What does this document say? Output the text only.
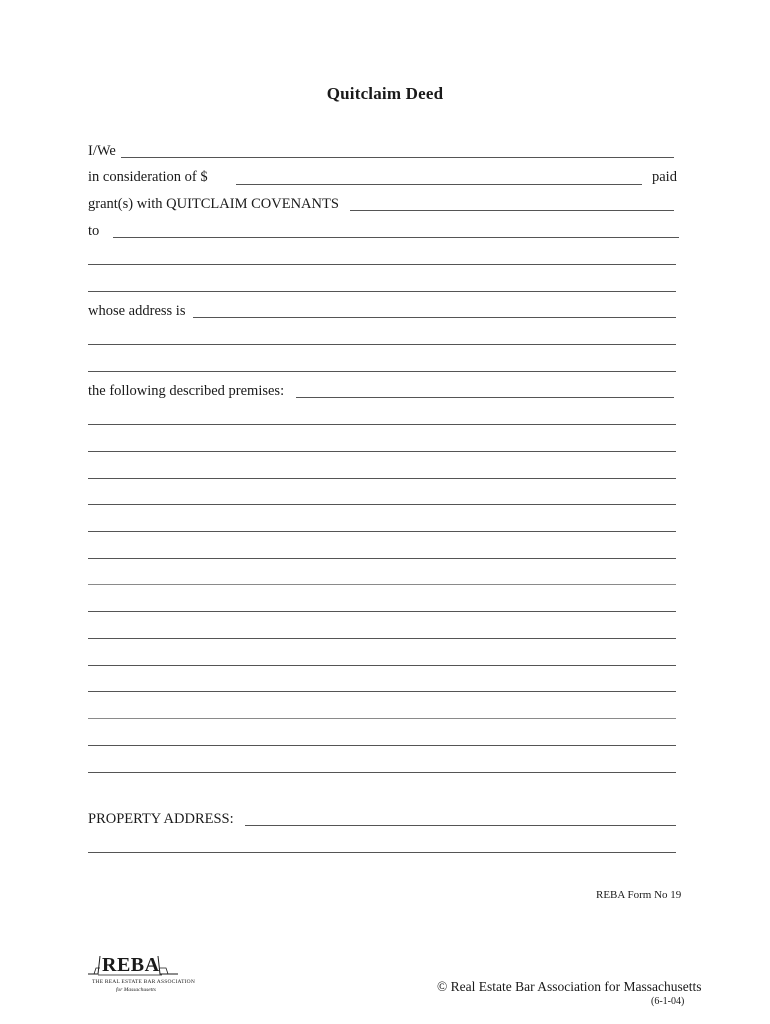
Quitclaim Deed
I/We
in consideration of $	paid
grant(s) with QUITCLAIM COVENANTS
to
whose address is
the following described premises:
PROPERTY ADDRESS:
REBA Form No 19
REBA
THE REAL ESTATE BAR ASSOCIATION
for Massachusetts	© Real Estate Bar Association for Massachusetts
(6-1-04)
